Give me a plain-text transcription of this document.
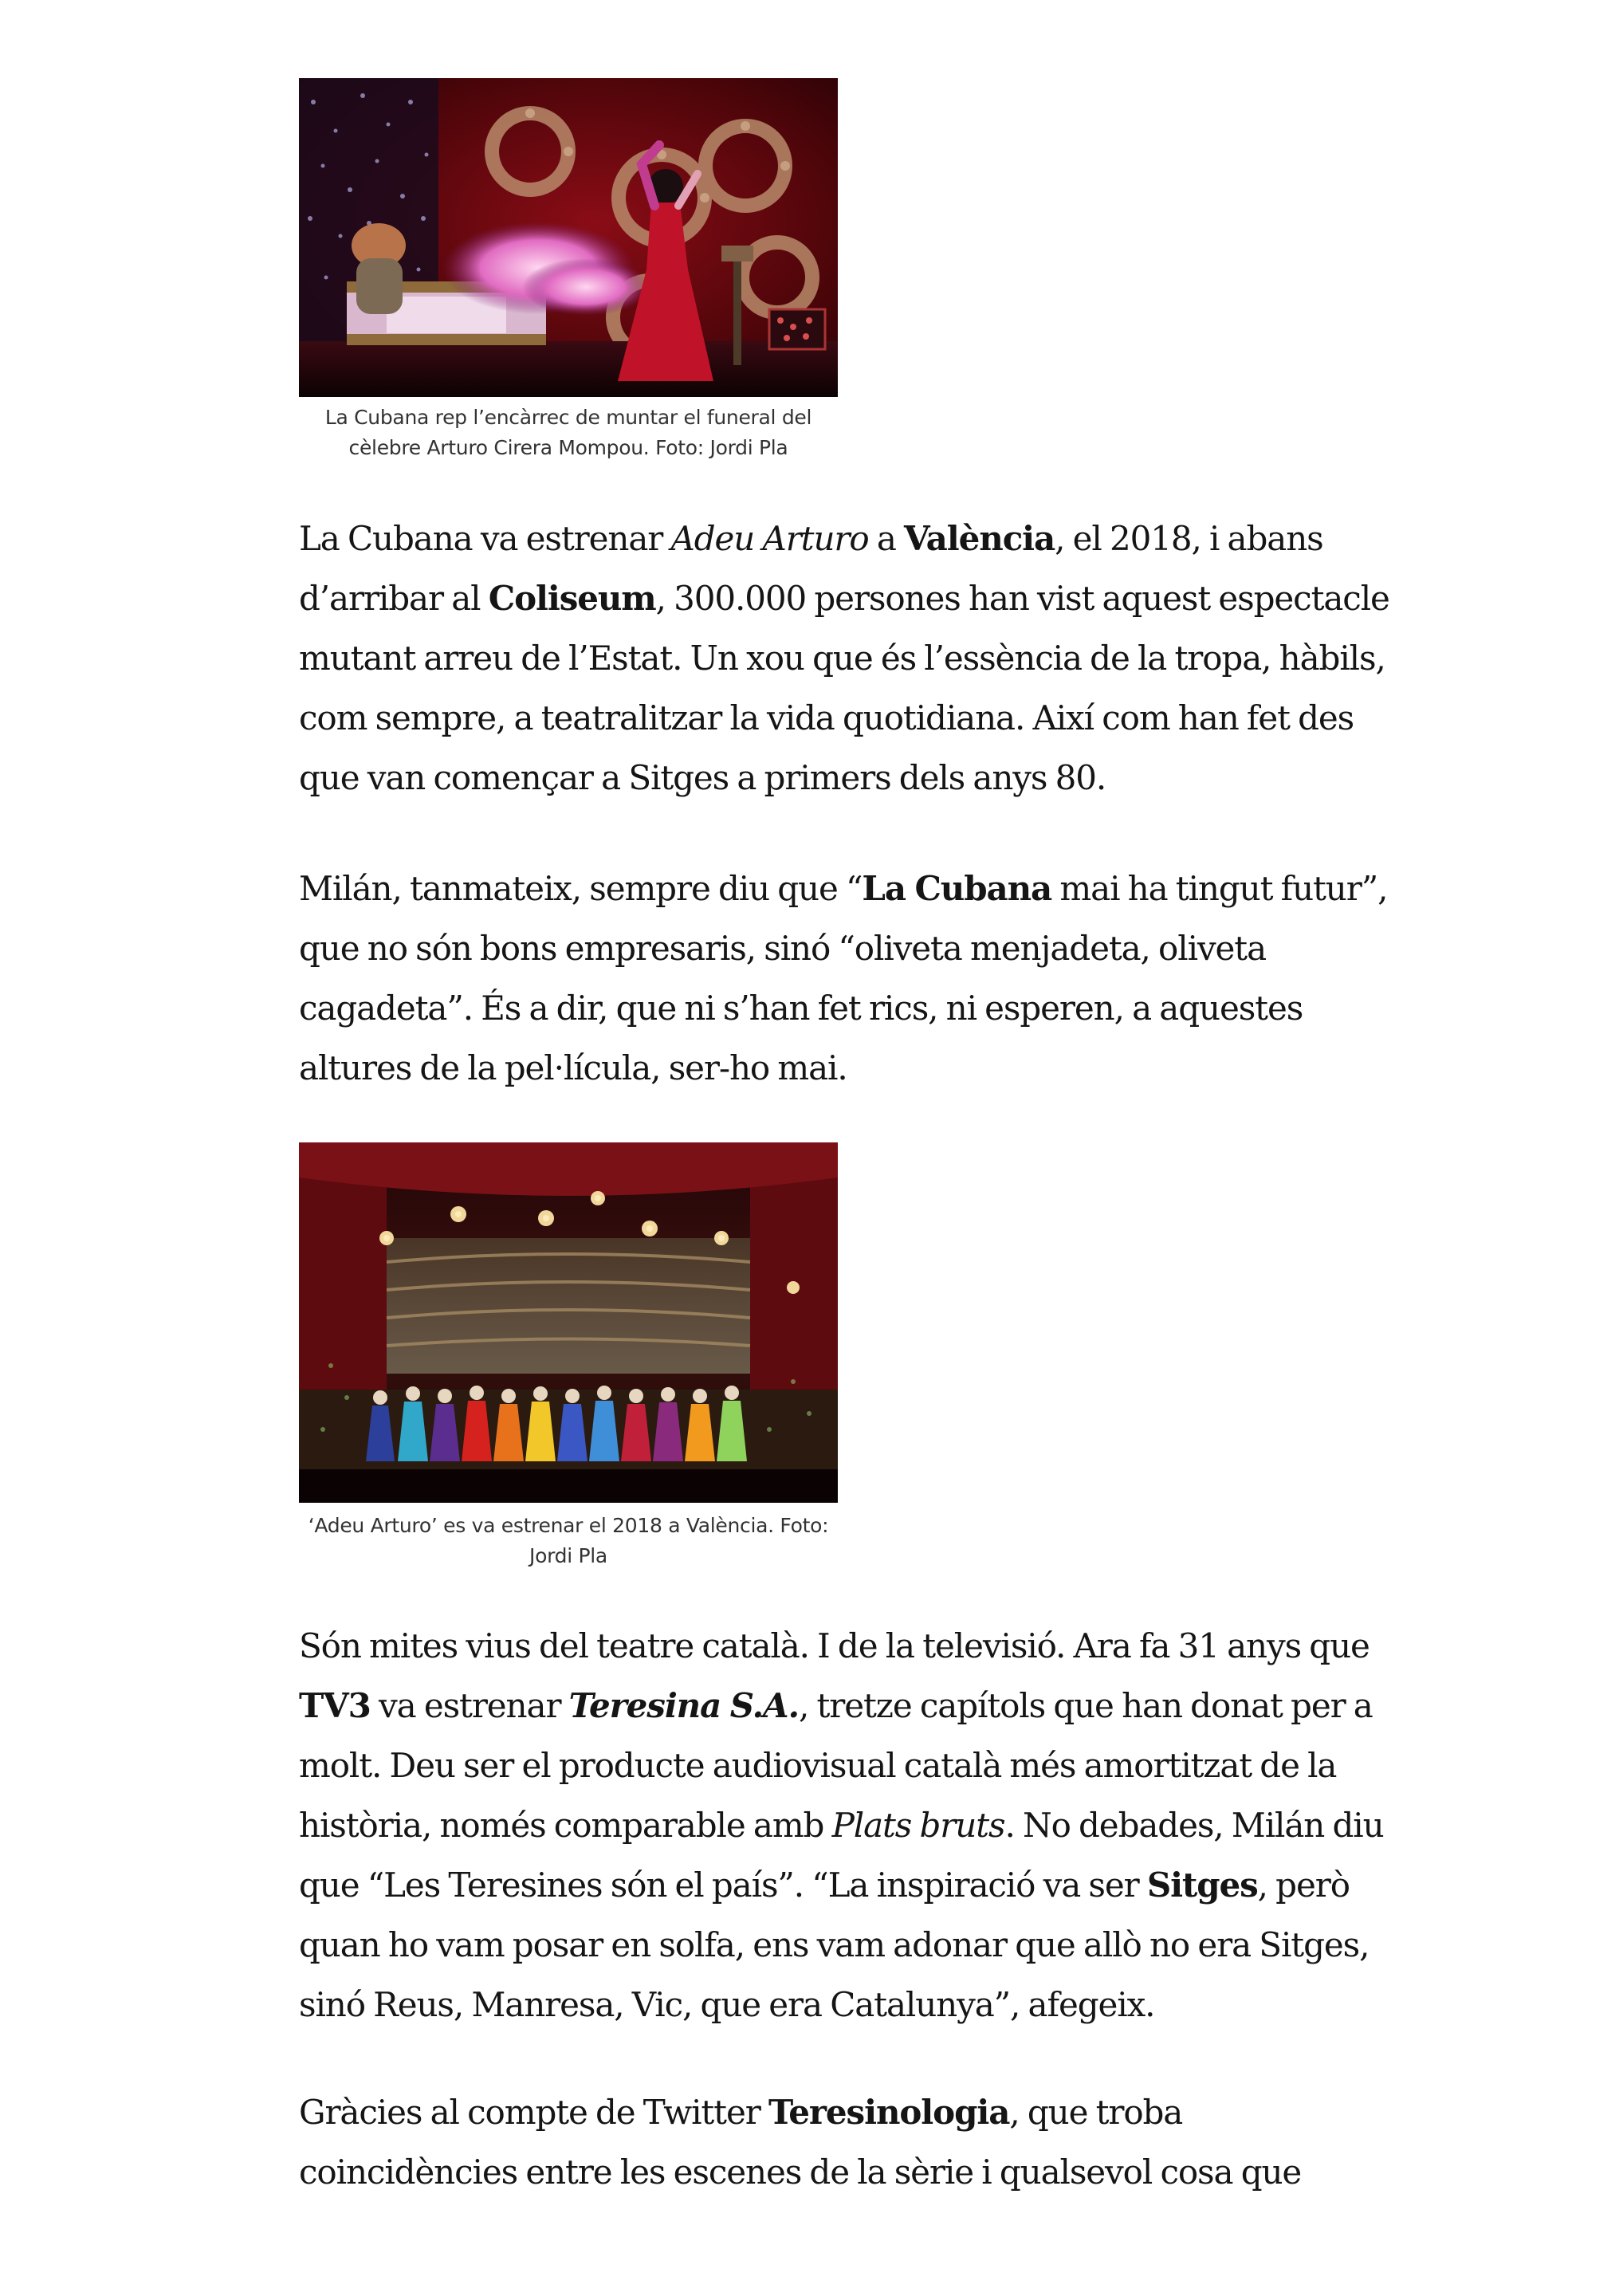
La Cubana rep l’encàrrec de muntar el funeral del cèlebre Arturo Cirera Mompou. Foto: Jordi Pla

La Cubana va estrenar Adeu Arturo a València, el 2018, i abans d’arribar al Coliseum, 300.000 persones han vist aquest espectacle mutant arreu de l’Estat. Un xou que és l’essència de la tropa, hàbils, com sempre, a teatralitzar la vida quotidiana. Així com han fet des que van començar a Sitges a primers dels anys 80.

Milán, tanmateix, sempre diu que “La Cubana mai ha tingut futur”, que no són bons empresaris, sinó “oliveta menjadeta, oliveta cagadeta”. És a dir, que ni s’han fet rics, ni esperen, a aquestes altures de la pel·lícula, ser-ho mai.

‘Adeu Arturo’ es va estrenar el 2018 a València. Foto: Jordi Pla

Són mites vius del teatre català. I de la televisió. Ara fa 31 anys que TV3 va estrenar Teresina S.A., tretze capítols que han donat per a molt. Deu ser el producte audiovisual català més amortitzat de la història, només comparable amb Plats bruts. No debades, Milán diu que “Les Teresines són el país”. “La inspiració va ser Sitges, però quan ho vam posar en solfa, ens vam adonar que allò no era Sitges, sinó Reus, Manresa, Vic, que era Catalunya”, afegeix.

Gràcies al compte de Twitter Teresinologia, que troba coincidències entre les escenes de la sèrie i qualsevol cosa que
